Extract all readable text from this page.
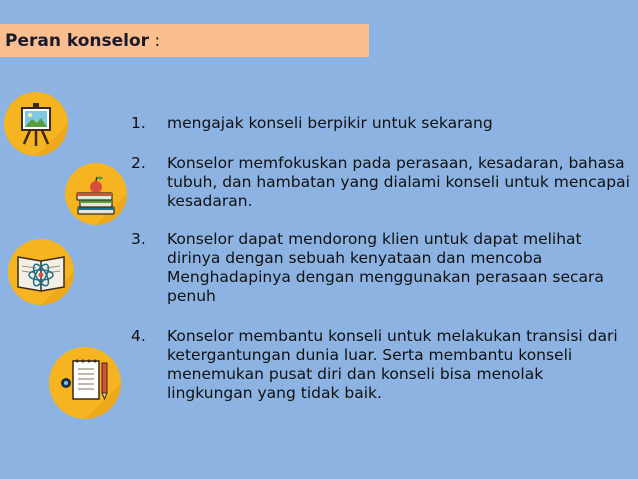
Peran konselor :
1.	mengajak konseli berpikir untuk sekarang
2.	Konselor memfokuskan pada perasaan, kesadaran, bahasa tubuh, dan hambatan yang dialami konseli untuk mencapai kesadaran.
3.	Konselor dapat mendorong klien untuk dapat melihat dirinya dengan sebuah kenyataan dan mencoba Menghadapinya dengan menggunakan perasaan secara penuh
4.	Konselor membantu konseli untuk melakukan transisi dari ketergantungan dunia luar. Serta membantu konseli menemukan pusat diri dan konseli bisa menolak lingkungan yang tidak baik.
